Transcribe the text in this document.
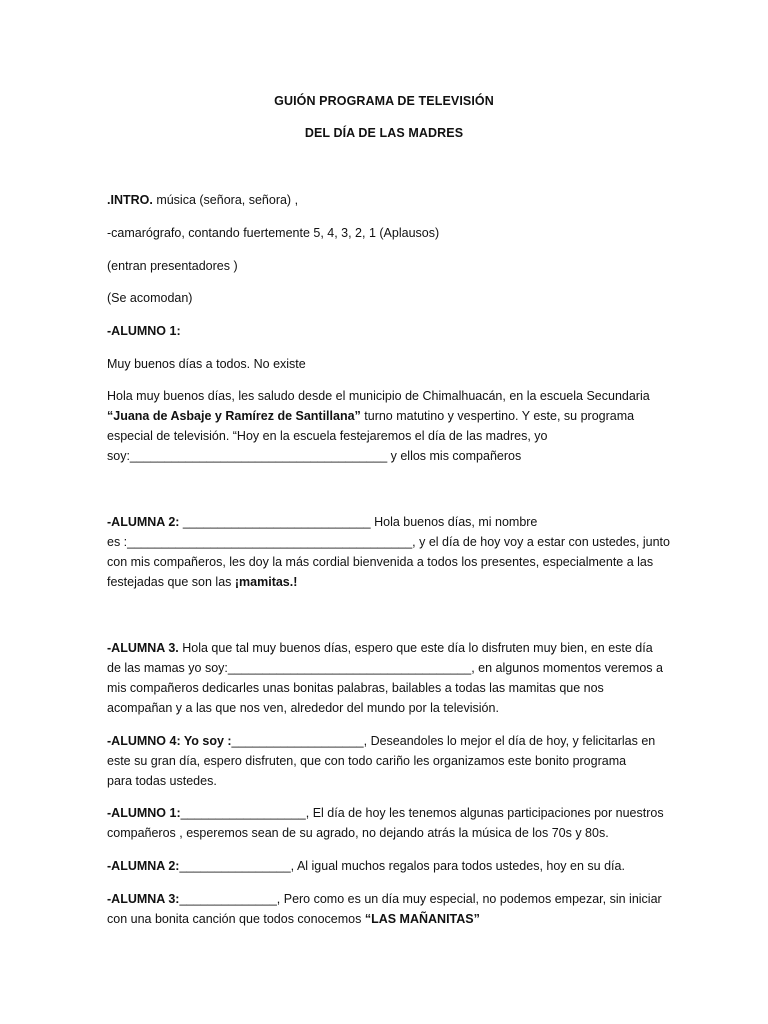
GUIÓN PROGRAMA DE TELEVISIÓN
DEL DÍA DE LAS MADRES
.INTRO. música (señora, señora) ,
-camarógrafo, contando fuertemente 5, 4, 3, 2, 1 (Aplausos)
(entran presentadores )
(Se acomodan)
-ALUMNO 1:
Muy buenos días a todos. No existe
Hola muy buenos días, les saludo desde el municipio de Chimalhuacán, en la escuela Secundaria
“Juana de Asbaje y Ramírez de Santillana” turno matutino y vespertino. Y este, su programa
especial de televisión. “Hoy en la escuela festejaremos el día de las madres, yo
soy:_____________________________________ y ellos mis compañeros
-ALUMNA 2: ___________________________ Hola buenos días, mi nombre
es :_________________________________________, y el día de hoy voy a estar con ustedes, junto
con mis compañeros, les doy la más cordial bienvenida a todos los presentes, especialmente a las
festejadas que son las ¡mamitas.!
-ALUMNA 3. Hola que tal muy buenos días, espero que este día lo disfruten muy bien, en este día
de las mamas yo soy:___________________________________, en algunos momentos veremos a
mis compañeros dedicarles unas bonitas palabras, bailables a todas las mamitas que nos
acompañan y a las que nos ven, alrededor del mundo por la televisión.
-ALUMNO 4: Yo soy :___________________, Deseandoles lo mejor el día de hoy, y felicitarlas en
este su gran día, espero disfruten, que con todo cariño les organizamos este bonito programa
para todas ustedes.
-ALUMNO 1:__________________, El día de hoy les tenemos algunas participaciones por nuestros
compañeros , esperemos sean de su agrado, no dejando atrás la música de los 70s y 80s.
-ALUMNA 2:________________, Al igual muchos regalos para todos ustedes, hoy en su día.
-ALUMNA 3:______________, Pero como es un día muy especial, no podemos empezar, sin iniciar
con una bonita canción que todos conocemos “LAS MAÑANITAS”
